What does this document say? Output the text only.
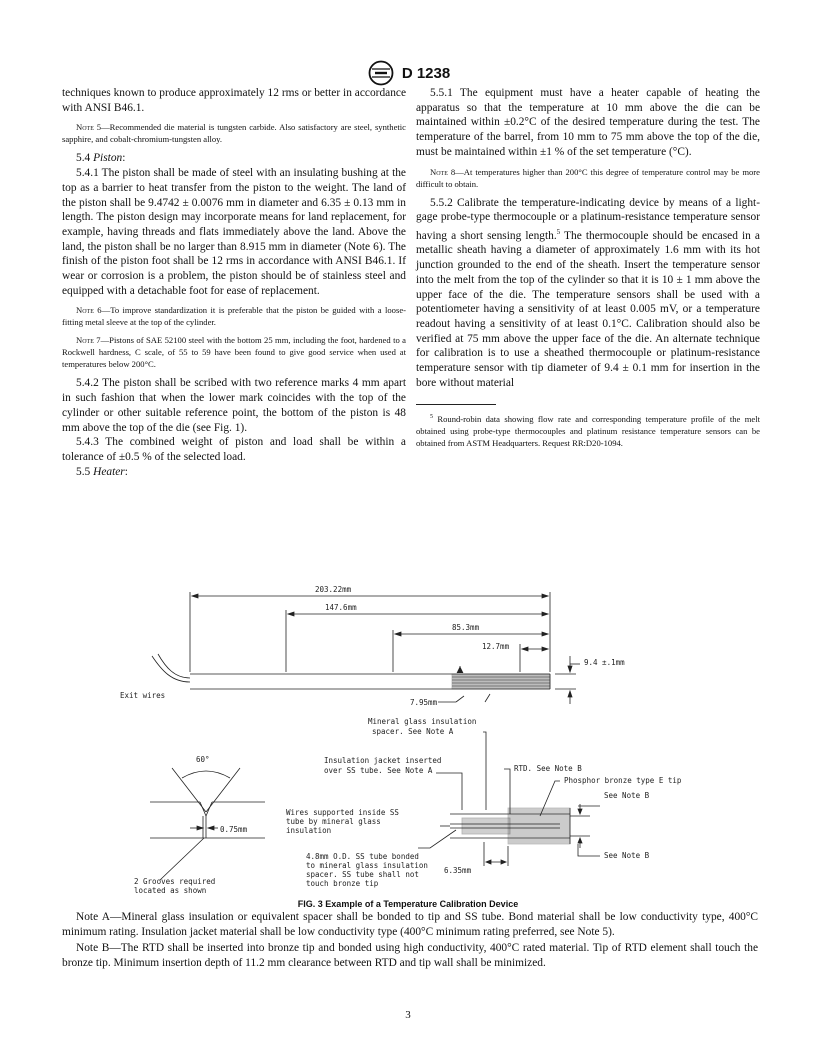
D 1238

techniques known to produce approximately 12 rms or better in accordance with ANSI B46.1.

Note 5—Recommended die material is tungsten carbide. Also satisfactory are steel, synthetic sapphire, and cobalt-chromium-tungsten alloy.

5.4 Piston:

5.4.1 The piston shall be made of steel with an insulating bushing at the top as a barrier to heat transfer from the piston to the weight. The land of the piston shall be 9.4742 ± 0.0076 mm in diameter and 6.35 ± 0.13 mm in length. The piston design may incorporate means for land replacement, for example, having threads and flats immediately above the land. Above the land, the piston shall be no larger than 8.915 mm in diameter (Note 6). The finish of the piston foot shall be 12 rms in accordance with ANSI B46.1. If wear or corrosion is a problem, the piston should be of stainless steel and equipped with a detachable foot for ease of replacement.

Note 6—To improve standardization it is preferable that the piston be guided with a loose-fitting metal sleeve at the top of the cylinder.

Note 7—Pistons of SAE 52100 steel with the bottom 25 mm, including the foot, hardened to a Rockwell hardness, C scale, of 55 to 59 have been found to give good service when used at temperatures below 200°C.

5.4.2 The piston shall be scribed with two reference marks 4 mm apart in such fashion that when the lower mark coincides with the top of the cylinder or other suitable reference point, the bottom of the piston is 48 mm above the top of the die (see Fig. 1).

5.4.3 The combined weight of piston and load shall be within a tolerance of ±0.5 % of the selected load.

5.5 Heater:

5.5.1 The equipment must have a heater capable of heating the apparatus so that the temperature at 10 mm above the die can be maintained within ±0.2°C of the desired temperature during the test. The temperature of the barrel, from 10 mm to 75 mm above the top of the die, must be maintained within ±1 % of the set temperature (°C).

Note 8—At temperatures higher than 200°C this degree of temperature control may be more difficult to obtain.

5.5.2 Calibrate the temperature-indicating device by means of a light-gage probe-type thermocouple or a platinum-resistance temperature sensor having a short sensing length.$^5$ The thermocouple should be encased in a metallic sheath having a diameter of approximately 1.6 mm with its hot junction grounded to the end of the sheath. Insert the temperature sensor into the melt from the top of the cylinder so that it is 10 ± 1 mm above the upper face of the die. The temperature sensors shall be used with a potentiometer having a sensitivity of at least 0.005 mV, or a temperature readout having a sensitivity of at least 0.1°C. Calibration should also be verified at 75 mm above the upper face of the die. An alternate technique for calibration is to use a sheathed thermocouple or platinum-resistance temperature sensor with tip diameter of 9.4 ± 0.1 mm for insertion in the bore without material

$^5$ Round-robin data showing flow rate and corresponding temperature profile of the melt obtained using probe-type thermocouples and platinum resistance temperature sensors can be obtained from ASTM Headquarters. Request RR:D20-1094.

203.22mm
147.6mm
85.3mm
12.7mm
9.4 ±.1mm
7.95mm
Exit wires
Mineral glass insulation
spacer. See Note A
Insulation jacket inserted
over SS tube. See Note A	RTD. See Note B
Phosphor bronze type E tip
See Note B
See Note B
Wires supported inside SS
tube by mineral glass
insulation
4.8mm O.D. SS tube bonded
to mineral glass insulation
spacer. SS tube shall not
touch bronze tip
6.35mm
0.75mm
60°
2 Grooves required
located as shown
FIG. 3 Example of a Temperature Calibration Device

Note A—Mineral glass insulation or equivalent spacer shall be bonded to tip and SS tube. Bond material shall be low conductivity type, 400°C minimum rating. Insulation jacket material shall be low conductivity type (400°C minimum rating preferred, see Note 5).

Note B—The RTD shall be inserted into bronze tip and bonded using high conductivity, 400°C rated material. Tip of RTD element shall touch the bronze tip. Minimum insertion depth of 11.2 mm clearance between RTD and tip wall shall be minimized.

3
